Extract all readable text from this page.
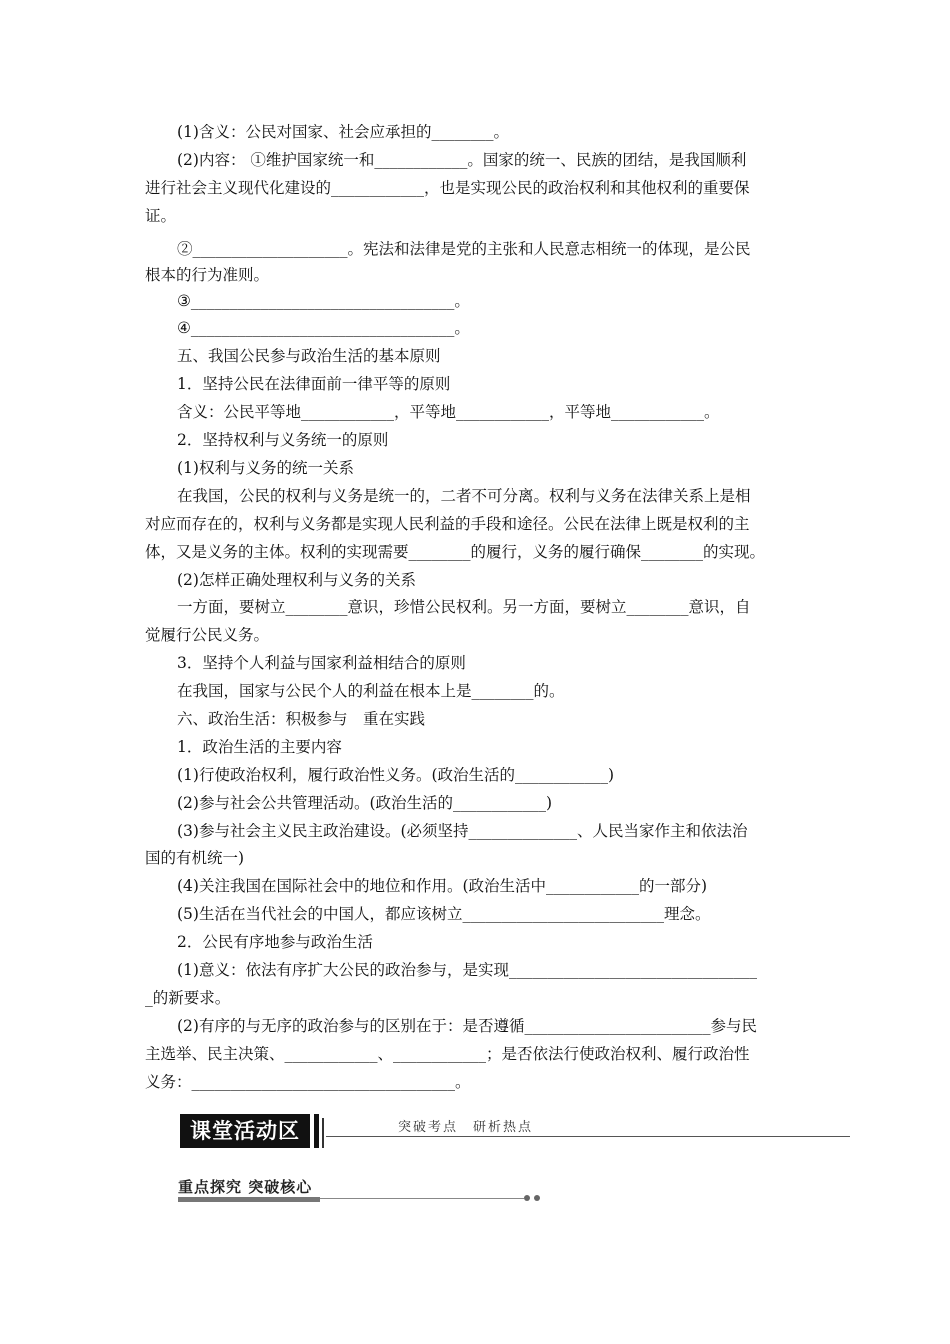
(1)含义：公民对国家、社会应承担的________。
(2)内容： ①维护国家统一和____________。国家的统一、民族的团结，是我国顺利
进行社会主义现代化建设的____________，也是实现公民的政治权利和其他权利的重要保
证。
②____________________。宪法和法律是党的主张和人民意志相统一的体现，是公民
根本的行为准则。
③__________________________________。
④__________________________________。
五、我国公民参与政治生活的基本原则
1．坚持公民在法律面前一律平等的原则
含义：公民平等地____________，平等地____________，平等地____________。
2．坚持权利与义务统一的原则
(1)权利与义务的统一关系
在我国，公民的权利与义务是统一的，二者不可分离。权利与义务在法律关系上是相
对应而存在的，权利与义务都是实现人民利益的手段和途径。公民在法律上既是权利的主
体，又是义务的主体。权利的实现需要________的履行，义务的履行确保________的实现。
(2)怎样正确处理权利与义务的关系
一方面，要树立________意识，珍惜公民权利。另一方面，要树立________意识，自
觉履行公民义务。
3．坚持个人利益与国家利益相结合的原则
在我国，国家与公民个人的利益在根本上是________的。
六、政治生活：积极参与　重在实践
1．政治生活的主要内容
(1)行使政治权利，履行政治性义务。(政治生活的____________)
(2)参与社会公共管理活动。(政治生活的____________)
(3)参与社会主义民主政治建设。(必须坚持______________、人民当家作主和依法治
国的有机统一)
(4)关注我国在国际社会中的地位和作用。(政治生活中____________的一部分)
(5)生活在当代社会的中国人，都应该树立__________________________理念。
2．公民有序地参与政治生活
(1)意义：依法有序扩大公民的政治参与，是实现________________________________
_的新要求。
(2)有序的与无序的政治参与的区别在于：是否遵循________________________参与民
主选举、民主决策、____________、____________；是否依法行使政治权利、履行政治性
义务：__________________________________。
课堂活动区	突破考点　研析热点
重点探究 突破核心
